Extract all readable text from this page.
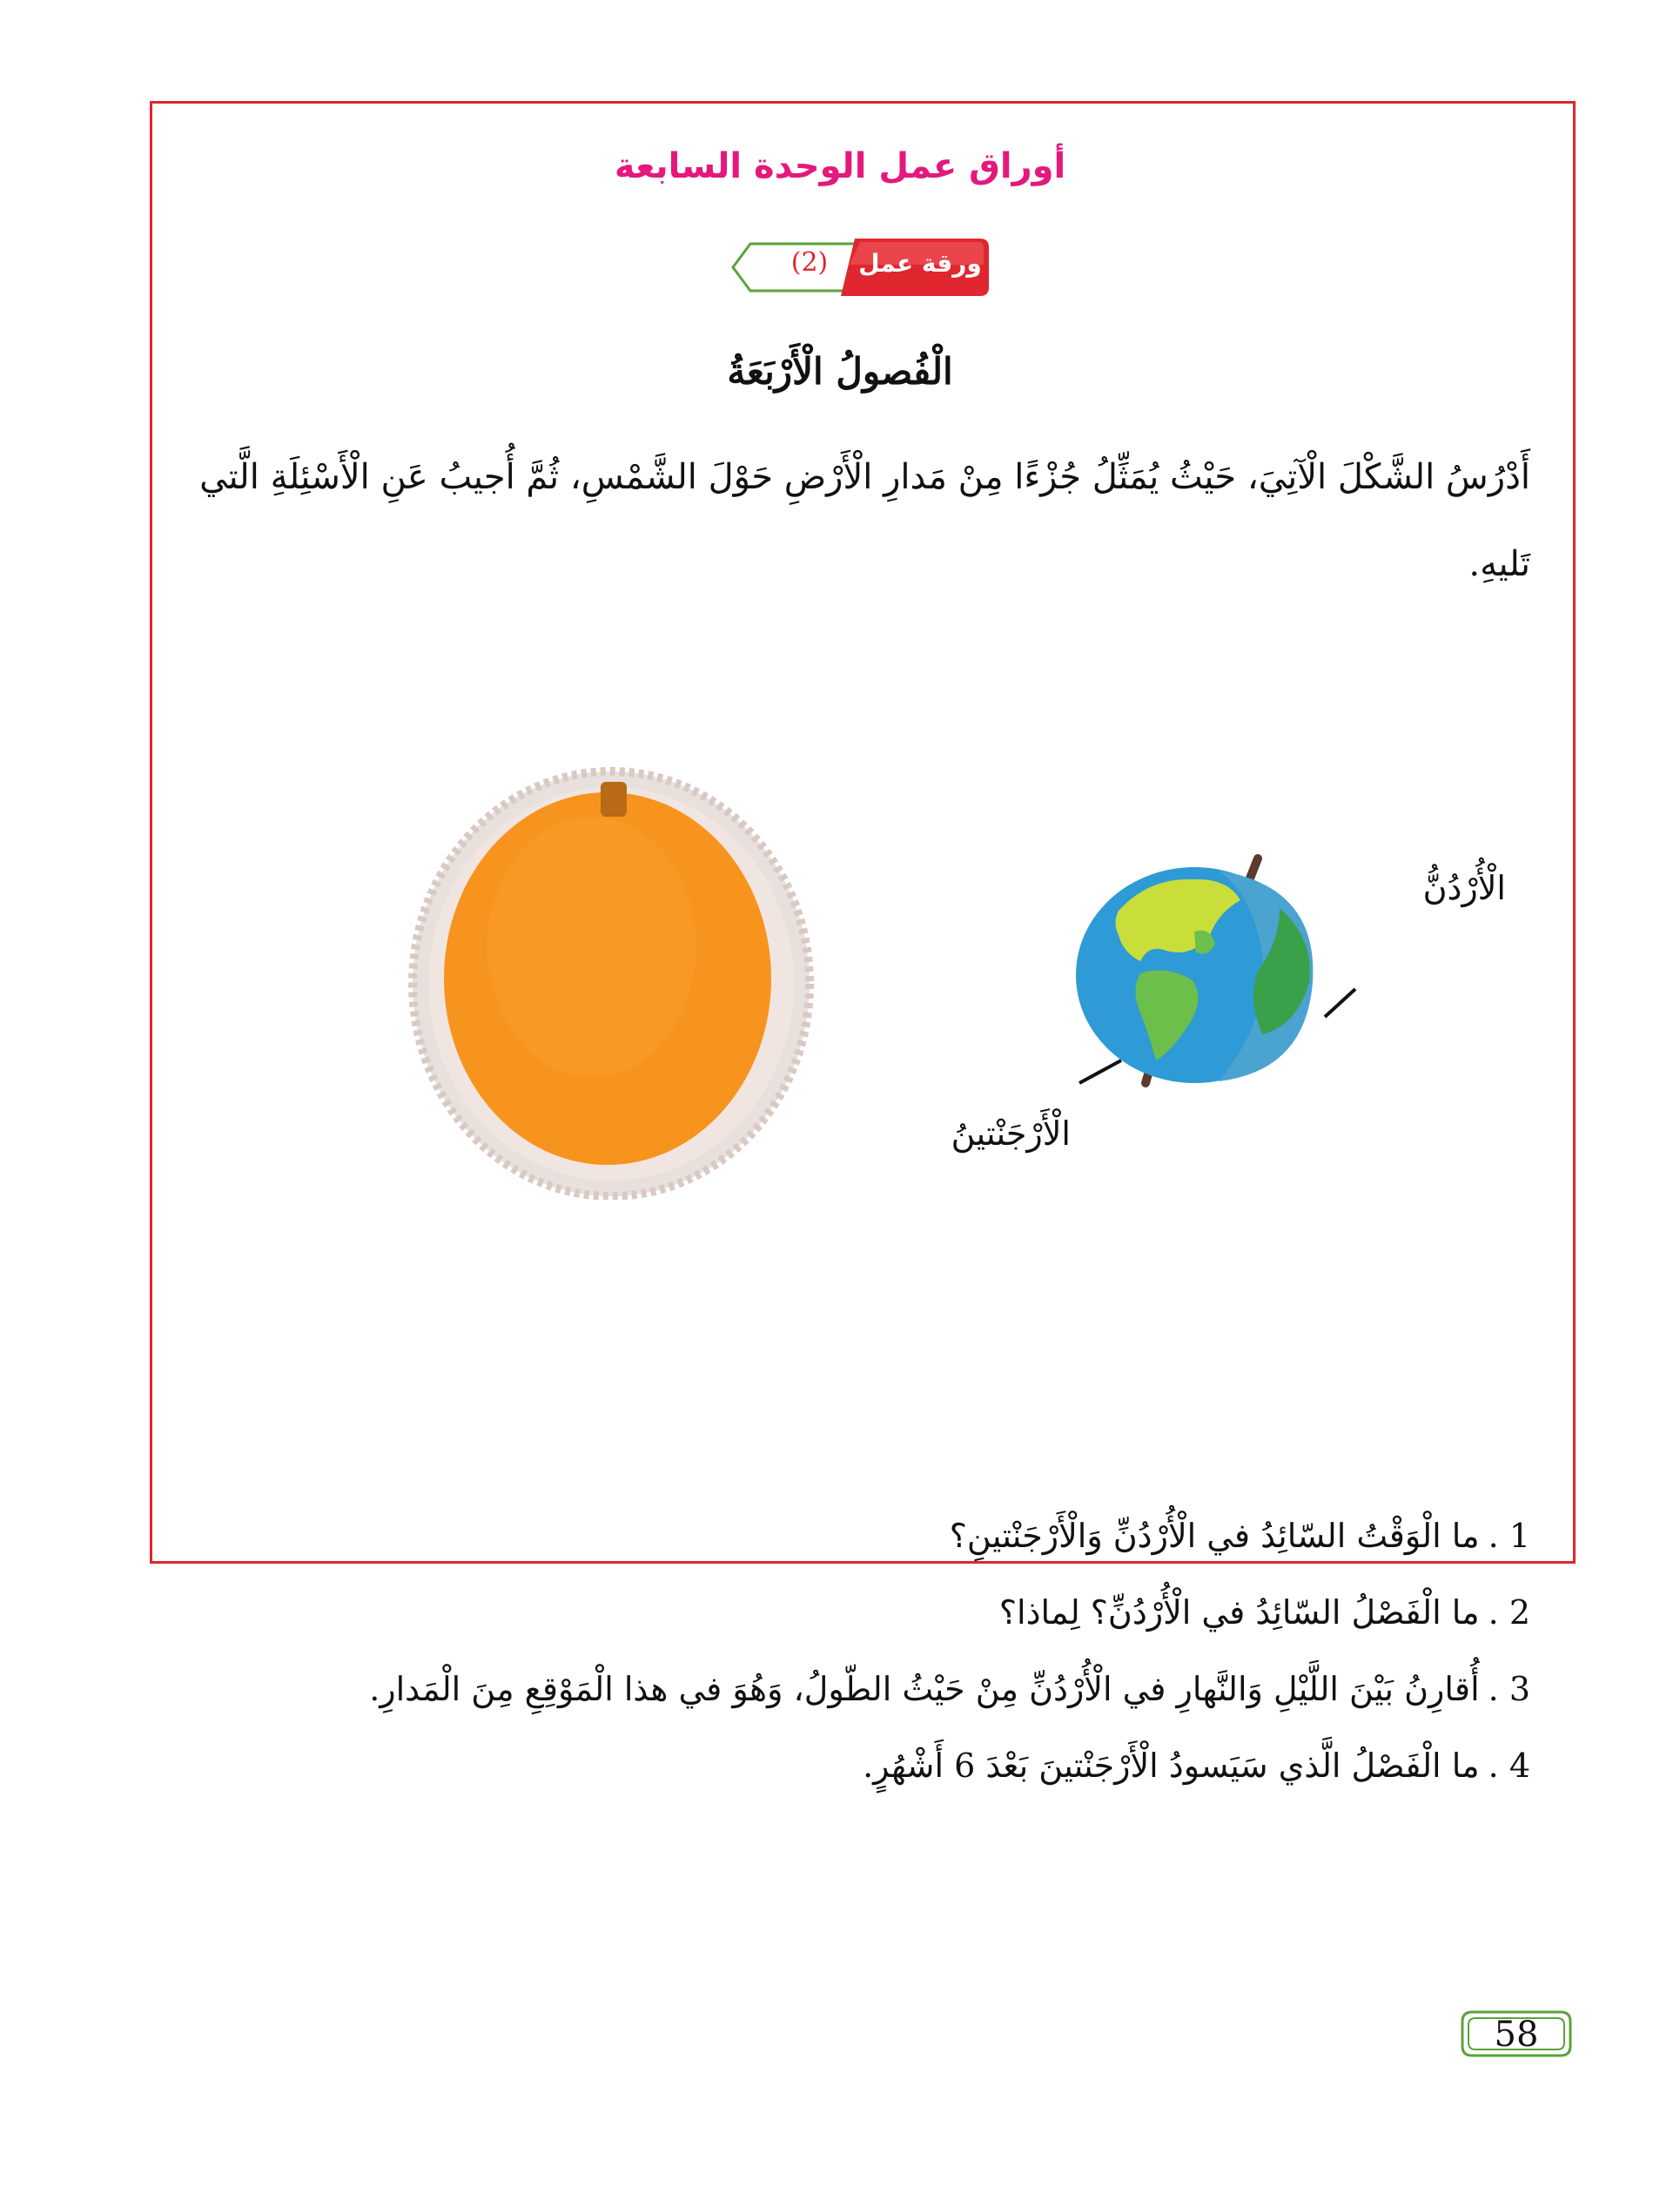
أوراق عمل الوحدة السابعة
(2)	ورقة عمل
الْفُصولُ الْأَرْبَعَةُ
أَدْرُسُ الشَّكْلَ الْآتِيَ، حَيْثُ يُمَثِّلُ جُزْءًا مِنْ مَدارِ الْأَرْضِ حَوْلَ الشَّمْسِ، ثُمَّ أُجيبُ عَنِ الْأَسْئِلَةِ الَّتي تَليهِ.
الْأُرْدُنُّ
الْأَرْجَنْتينُ
1 .ما الْوَقْتُ السّائِدُ في الْأُرْدُنِّ وَالْأَرْجَنْتينِ؟
2 .ما الْفَصْلُ السّائِدُ في الْأُرْدُنِّ؟ لِماذا؟
3 .أُقارِنُ بَيْنَ اللَّيْلِ وَالنَّهارِ في الْأُرْدُنِّ مِنْ حَيْثُ الطّولُ، وَهُوَ في هذا الْمَوْقِعِ مِنَ الْمَدارِ.
4 .ما الْفَصْلُ الَّذي سَيَسودُ الْأَرْجَنْتينَ بَعْدَ 6 أَشْهُرٍ.
58
